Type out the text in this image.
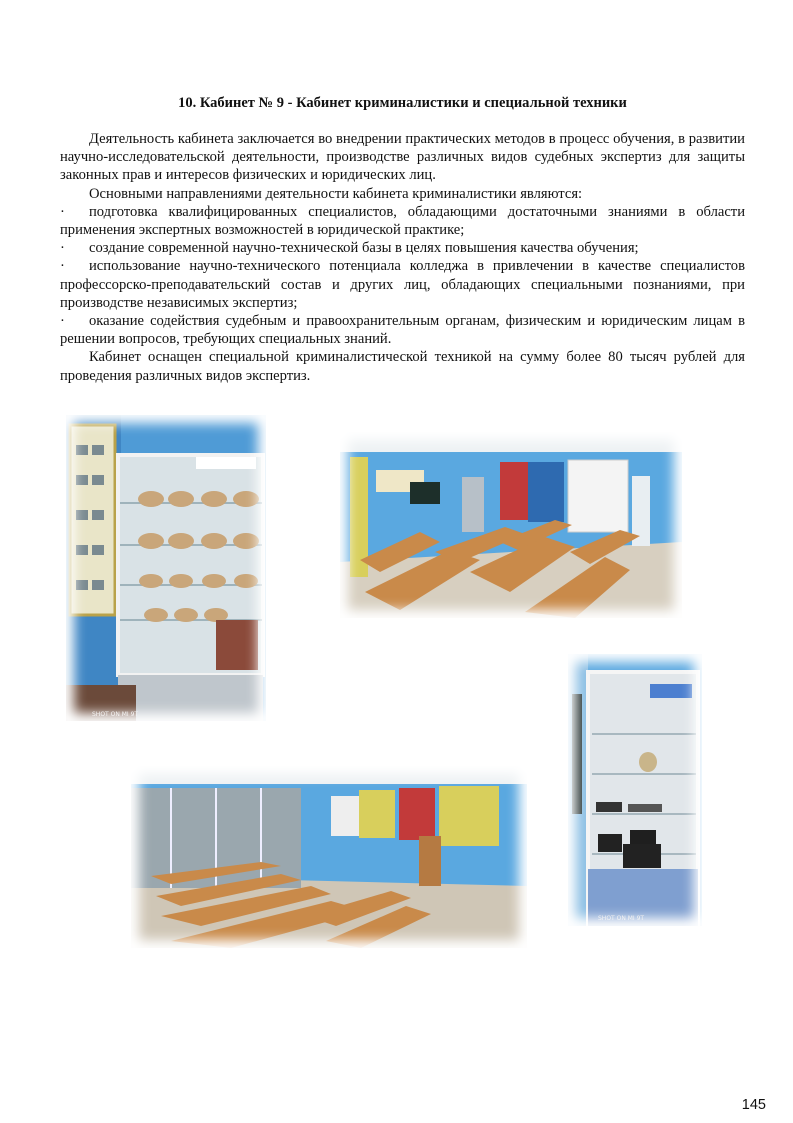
10. Кабинет № 9 - Кабинет криминалистики и специальной техники

Деятельность кабинета заключается во внедрении практических методов в процесс обучения, в развитии научно-исследовательской деятельности, производстве различных видов судебных экспертиз для защиты законных прав и интересов физических и юридических лиц.

Основными направлениями деятельности кабинета криминалистики являются:

· подготовка квалифицированных специалистов, обладающими достаточными знаниями в области применения экспертных возможностей в юридической практике;

· создание современной научно-технической базы в целях повышения качества обучения;

· использование научно-технического потенциала колледжа в привлечении в качестве специалистов профессорско-преподавательский состав и других лиц, обладающих специальными познаниями, при производстве независимых экспертиз;

· оказание содействия судебным и правоохранительным органам, физическим и юридическим лицам в решении вопросов, требующих специальных знаний.

Кабинет оснащен специальной криминалистической техникой на сумму более 80 тысяч рублей для проведения различных видов экспертиз.

SHOT ON MI 9T
SHOT ON MI 9T
145
